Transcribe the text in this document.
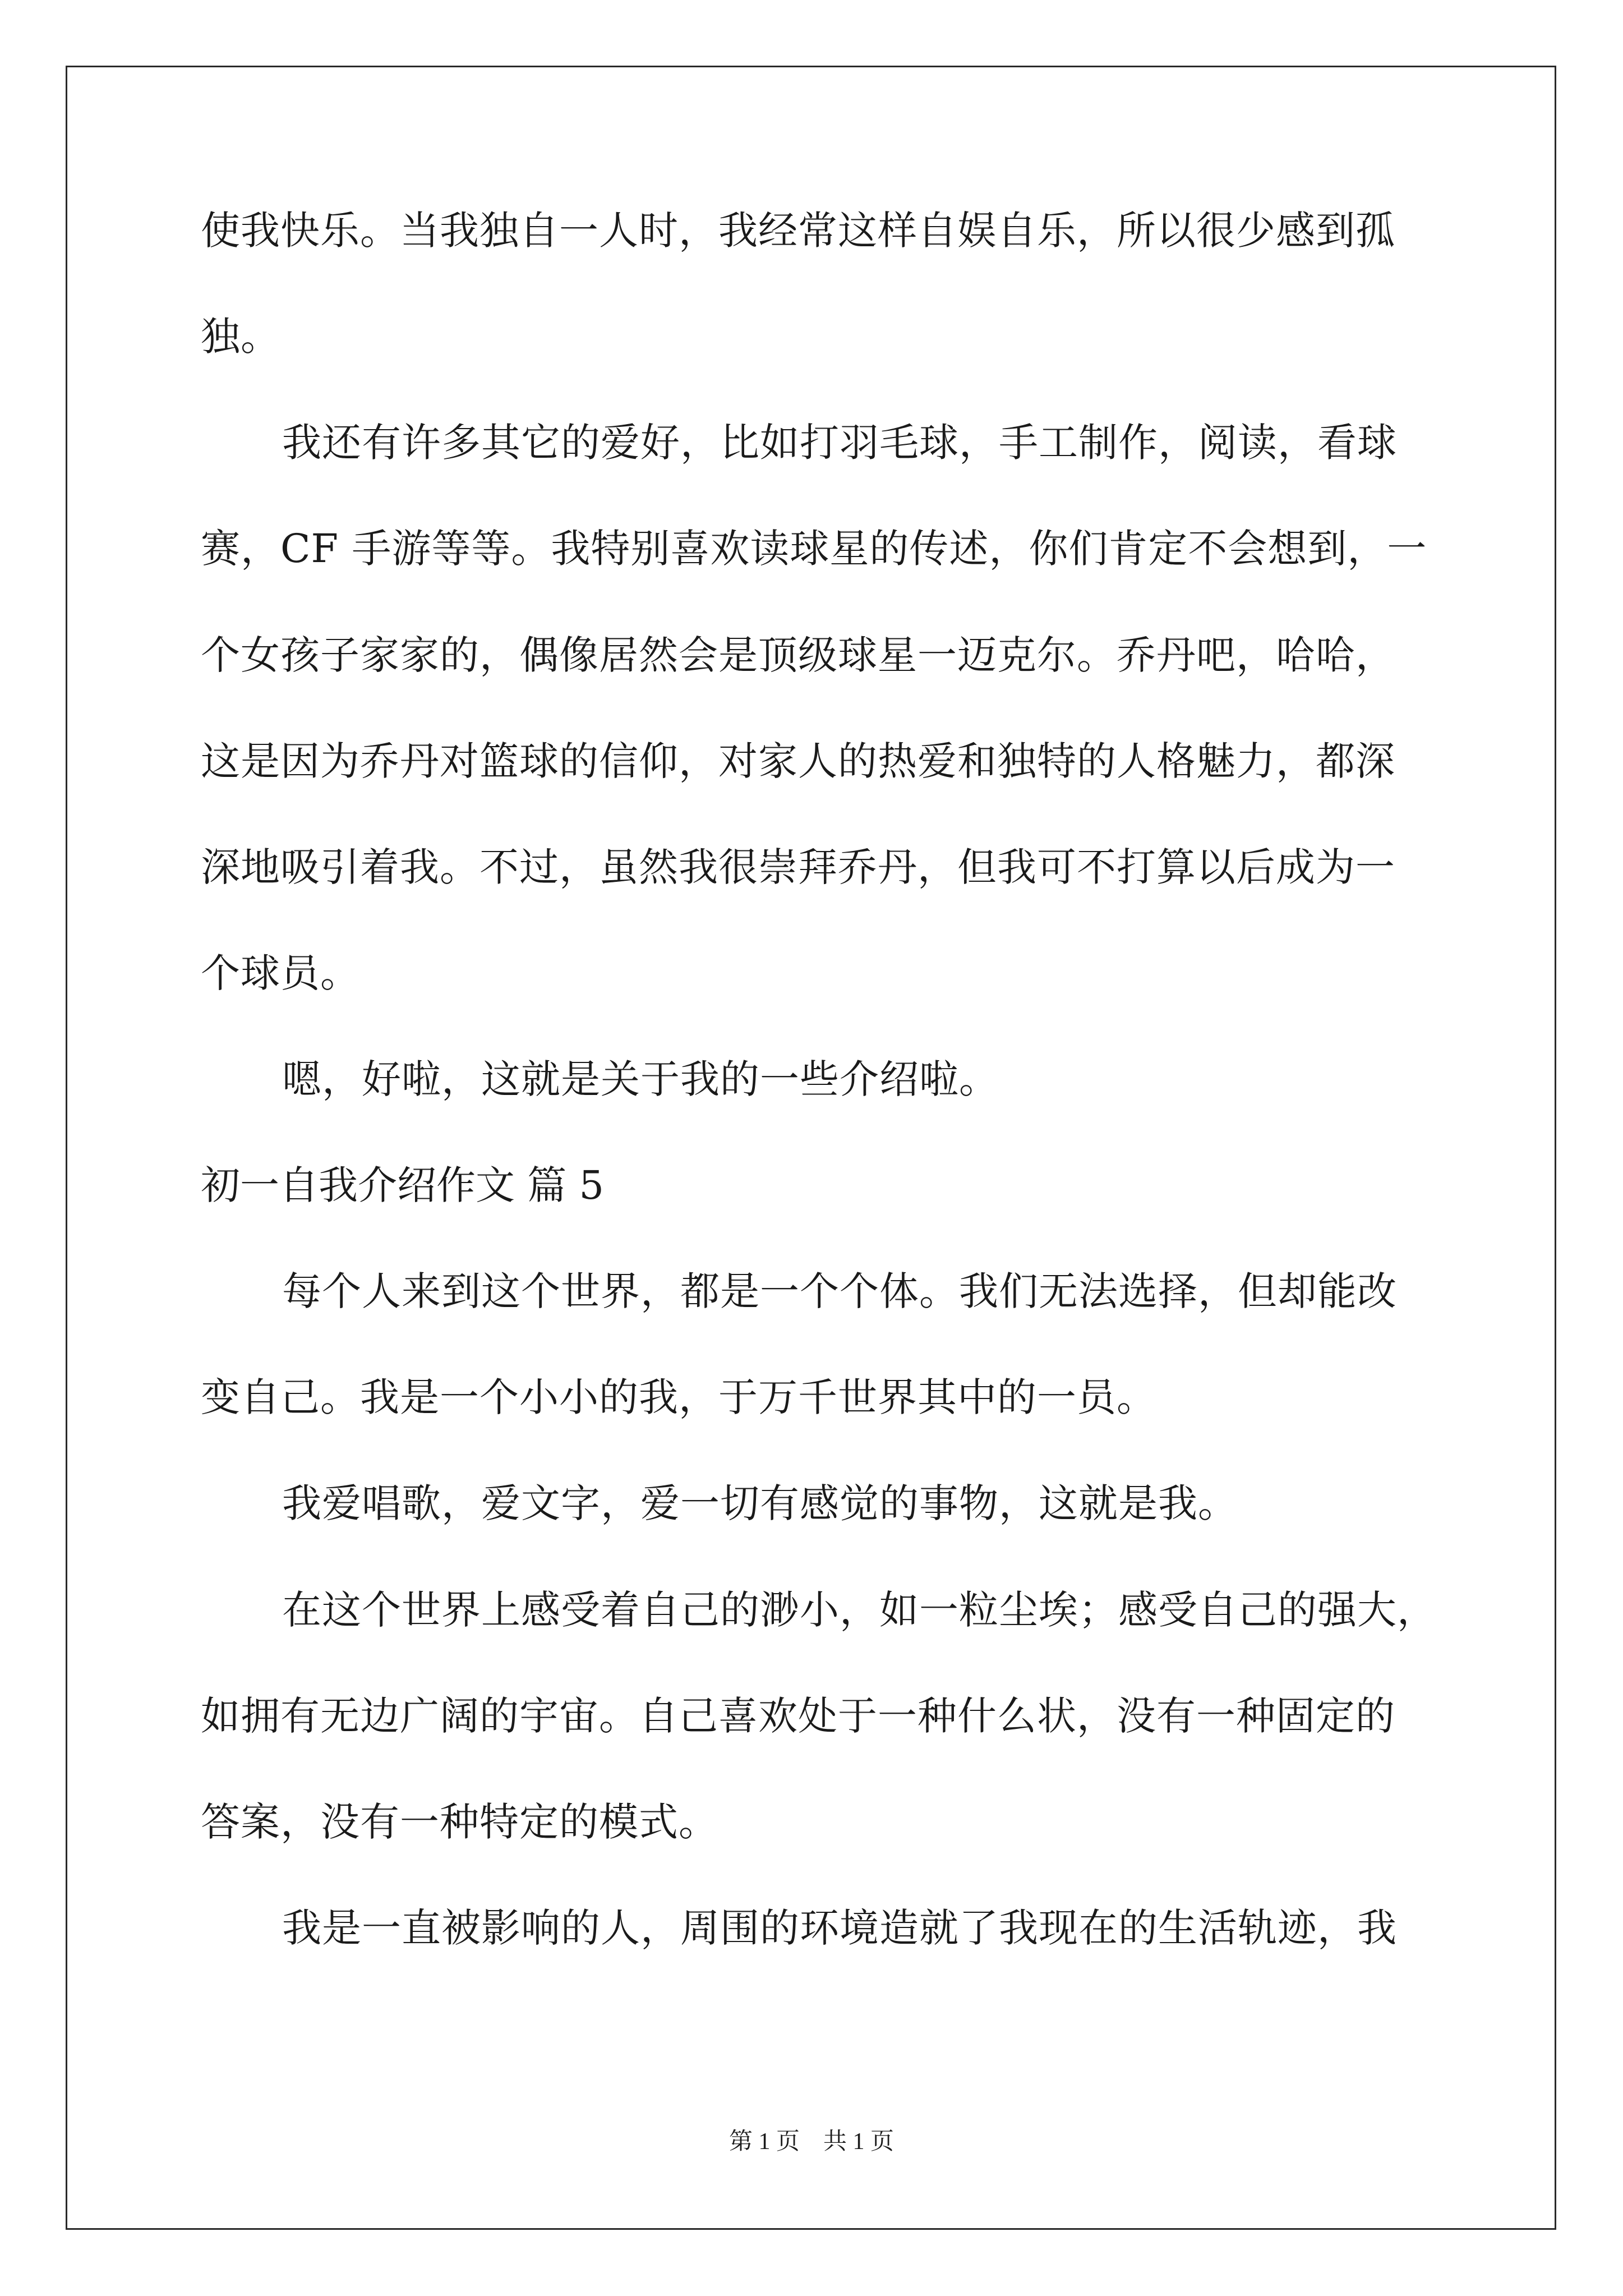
使我快乐。当我独自一人时，我经常这样自娱自乐，所以很少感到孤
独。
我还有许多其它的爱好，比如打羽毛球，手工制作，阅读，看球
赛，CF 手游等等。我特别喜欢读球星的传述，你们肯定不会想到，一
个女孩子家家的，偶像居然会是顶级球星一迈克尔。乔丹吧，哈哈，
这是因为乔丹对篮球的信仰，对家人的热爱和独特的人格魅力，都深
深地吸引着我。不过，虽然我很崇拜乔丹，但我可不打算以后成为一
个球员。
嗯，好啦，这就是关于我的一些介绍啦。
初一自我介绍作文 篇 5
每个人来到这个世界，都是一个个体。我们无法选择，但却能改
变自己。我是一个小小的我，于万千世界其中的一员。
我爱唱歌，爱文字，爱一切有感觉的事物，这就是我。
在这个世界上感受着自己的渺小，如一粒尘埃；感受自己的强大，
如拥有无边广阔的宇宙。自己喜欢处于一种什么状，没有一种固定的
答案，没有一种特定的模式。
我是一直被影响的人，周围的环境造就了我现在的生活轨迹，我
第 1 页 共 1 页
